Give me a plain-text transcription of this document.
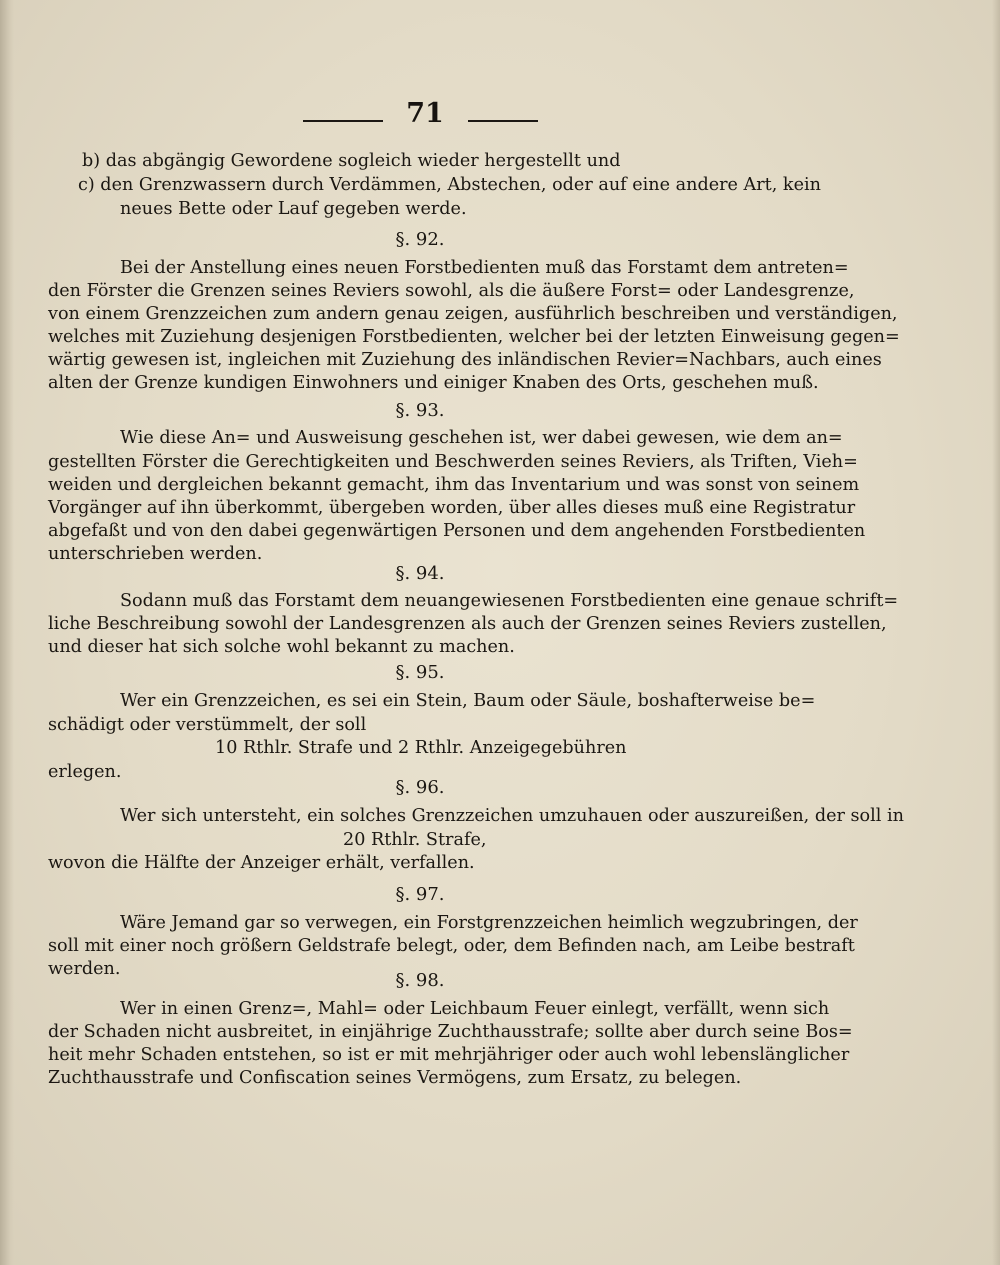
71
b) das abgängig Gewordene sogleich wieder hergestellt und
c) den Grenzwassern durch Verdämmen, Abstechen, oder auf eine andere Art, kein
neues Bette oder Lauf gegeben werde.
§. 92.
Bei der Anstellung eines neuen Forstbedienten muß das Forstamt dem antreten=
den Förster die Grenzen seines Reviers sowohl, als die äußere Forst= oder Landesgrenze,
von einem Grenzzeichen zum andern genau zeigen, ausführlich beschreiben und verständigen,
welches mit Zuziehung desjenigen Forstbedienten, welcher bei der letzten Einweisung gegen=
wärtig gewesen ist, ingleichen mit Zuziehung des inländischen Revier=Nachbars, auch eines
alten der Grenze kundigen Einwohners und einiger Knaben des Orts, geschehen muß.
§. 93.
Wie diese An= und Ausweisung geschehen ist, wer dabei gewesen, wie dem an=
gestellten Förster die Gerechtigkeiten und Beschwerden seines Reviers, als Triften, Vieh=
weiden und dergleichen bekannt gemacht, ihm das Inventarium und was sonst von seinem
Vorgänger auf ihn überkommt, übergeben worden, über alles dieses muß eine Registratur
abgefaßt und von den dabei gegenwärtigen Personen und dem angehenden Forstbedienten
unterschrieben werden.
§. 94.
Sodann muß das Forstamt dem neuangewiesenen Forstbedienten eine genaue schrift=
liche Beschreibung sowohl der Landesgrenzen als auch der Grenzen seines Reviers zustellen,
und dieser hat sich solche wohl bekannt zu machen.
§. 95.
Wer ein Grenzzeichen, es sei ein Stein, Baum oder Säule, boshafterweise be=
schädigt oder verstümmelt, der soll
10 Rthlr. Strafe und 2 Rthlr. Anzeigegebühren
erlegen.
§. 96.
Wer sich untersteht, ein solches Grenzzeichen umzuhauen oder auszureißen, der soll in
20 Rthlr. Strafe,
wovon die Hälfte der Anzeiger erhält, verfallen.
§. 97.
Wäre Jemand gar so verwegen, ein Forstgrenzzeichen heimlich wegzubringen, der
soll mit einer noch größern Geldstrafe belegt, oder, dem Befinden nach, am Leibe bestraft
werden.
§. 98.
Wer in einen Grenz=, Mahl= oder Leichbaum Feuer einlegt, verfällt, wenn sich
der Schaden nicht ausbreitet, in einjährige Zuchthausstrafe; sollte aber durch seine Bos=
heit mehr Schaden entstehen, so ist er mit mehrjähriger oder auch wohl lebenslänglicher
Zuchthausstrafe und Confiscation seines Vermögens, zum Ersatz, zu belegen.
